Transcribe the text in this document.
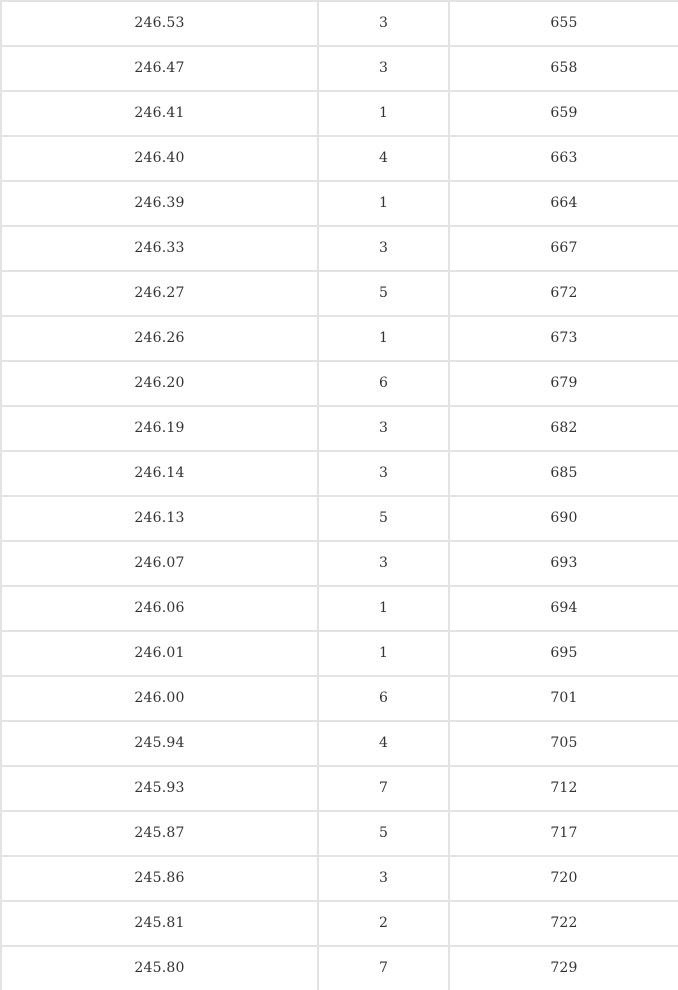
246.53	3	655
246.47	3	658
246.41	1	659
246.40	4	663
246.39	1	664
246.33	3	667
246.27	5	672
246.26	1	673
246.20	6	679
246.19	3	682
246.14	3	685
246.13	5	690
246.07	3	693
246.06	1	694
246.01	1	695
246.00	6	701
245.94	4	705
245.93	7	712
245.87	5	717
245.86	3	720
245.81	2	722
245.80	7	729
